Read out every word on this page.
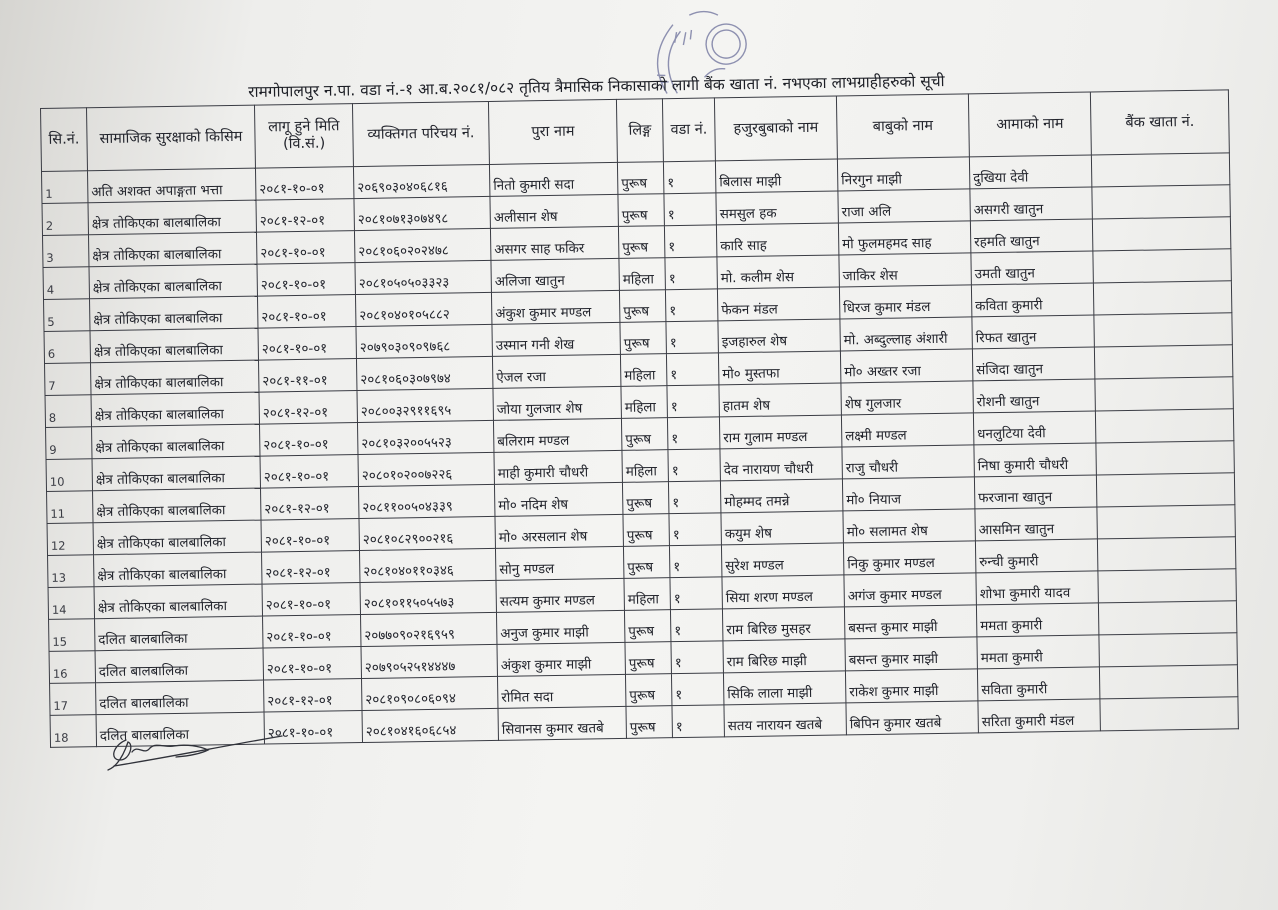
रामगोपालपुर न.पा. वडा नं.-१ आ.ब.२०८१/०८२ तृतिय त्रैमासिक निकासाको लागी बैंक खाता नं. नभएका लाभग्राहीहरुको सूची
सि.नं.	सामाजिक सुरक्षाको किसिम	लागू हुने मिति (वि.सं.)	व्यक्तिगत परिचय नं.	पुरा नाम	लिङ्ग	वडा नं.	हजुरबुबाको नाम	बाबुको नाम	आमाको नाम	बैंक खाता नं.
1	अति अशक्त अपाङ्गता भत्ता	२०८१-१०-०१	२०६९०३०४०६८१६	नितो कुमारी सदा	पुरूष	१	बिलास माझी	निरगुन माझी	दुखिया देवी	
2	क्षेत्र तोकिएका बालबालिका	२०८१-१२-०१	२०८१०७१३०७४९८	अलीसान शेष	पुरूष	१	समसुल हक	राजा अलि	असगरी खातुन	
3	क्षेत्र तोकिएका बालबालिका	२०८१-१०-०१	२०८१०६०२०२४७८	असगर साह फकिर	पुरूष	१	कारि साह	मो फुलमहमद साह	रहमति खातुन	
4	क्षेत्र तोकिएका बालबालिका	२०८१-१०-०१	२०८१०५०५०३३२३	अलिजा खातुन	महिला	१	मो. कलीम शेस	जाकिर शेस	उमती खातुन	
5	क्षेत्र तोकिएका बालबालिका	२०८१-१०-०१	२०८१०४०१०५८८२	अंकुश कुमार मण्डल	पुरूष	१	फेकन मंडल	धिरज कुमार मंडल	कविता कुमारी	
6	क्षेत्र तोकिएका बालबालिका	२०८१-१०-०१	२०७९०३०९०९७६८	उस्मान गनी शेख	पुरूष	१	इजहारुल शेष	मो. अब्दुल्लाह अंशारी	रिफत खातुन	
7	क्षेत्र तोकिएका बालबालिका	२०८१-११-०१	२०८१०६०३०७९७४	ऐजल रजा	महिला	१	मो० मुस्तफा	मो० अख्तर रजा	संजिदा खातुन	
8	क्षेत्र तोकिएका बालबालिका	२०८१-१२-०१	२०८००३२९११६९५	जोया गुलजार शेष	महिला	१	हातम शेष	शेष गुलजार	रोशनी खातुन	
9	क्षेत्र तोकिएका बालबालिका	२०८१-१०-०१	२०८१०३२००५५२३	बलिराम मण्डल	पुरूष	१	राम गुलाम मण्डल	लक्ष्मी मण्डल	धनलुटिया देवी	
10	क्षेत्र तोकिएका बालबालिका	२०८१-१०-०१	२०८०१०२००७२२६	माही कुमारी चौधरी	महिला	१	देव नारायण चौधरी	राजु चौधरी	निषा कुमारी चौधरी	
11	क्षेत्र तोकिएका बालबालिका	२०८१-१२-०१	२०८११००५०४३३९	मो० नदिम शेष	पुरूष	१	मोहम्मद तमन्ने	मो० नियाज	फरजाना खातुन	
12	क्षेत्र तोकिएका बालबालिका	२०८१-१०-०१	२०८१०८२९००२१६	मो० अरसलान शेष	पुरूष	१	कयुम शेष	मो० सलामत शेष	आसमिन खातुन	
13	क्षेत्र तोकिएका बालबालिका	२०८१-१२-०१	२०८१०४०११०३४६	सोनु मण्डल	पुरूष	१	सुरेश मण्डल	निकु कुमार मण्डल	रुन्ची कुमारी	
14	क्षेत्र तोकिएका बालबालिका	२०८१-१०-०१	२०८१०११५०५५७३	सत्यम कुमार मण्डल	महिला	१	सिया शरण मण्डल	अगंज कुमार मण्डल	शोभा कुमारी यादव	
15	दलित बालबालिका	२०८१-१०-०१	२०७७०९०२१६९५९	अनुज कुमार माझी	पुरूष	१	राम बिरिछ मुसहर	बसन्त कुमार माझी	ममता कुमारी	
16	दलित बालबालिका	२०८१-१०-०१	२०७९०५२५१४४४७	अंकुश कुमार माझी	पुरूष	१	राम बिरिछ माझी	बसन्त कुमार माझी	ममता कुमारी	
17	दलित बालबालिका	२०८१-१२-०१	२०८१०९०८०६०९४	रोमित सदा	पुरूष	१	सिकि लाला माझी	राकेश कुमार माझी	सविता कुमारी	
18	दलित बालबालिका	२०८१-१०-०१	२०८१०४१६०६८५४	सिवानस कुमार खतबे	पुरूष	१	सतय नारायन खतबे	बिपिन कुमार खतबे	सरिता कुमारी मंडल	
